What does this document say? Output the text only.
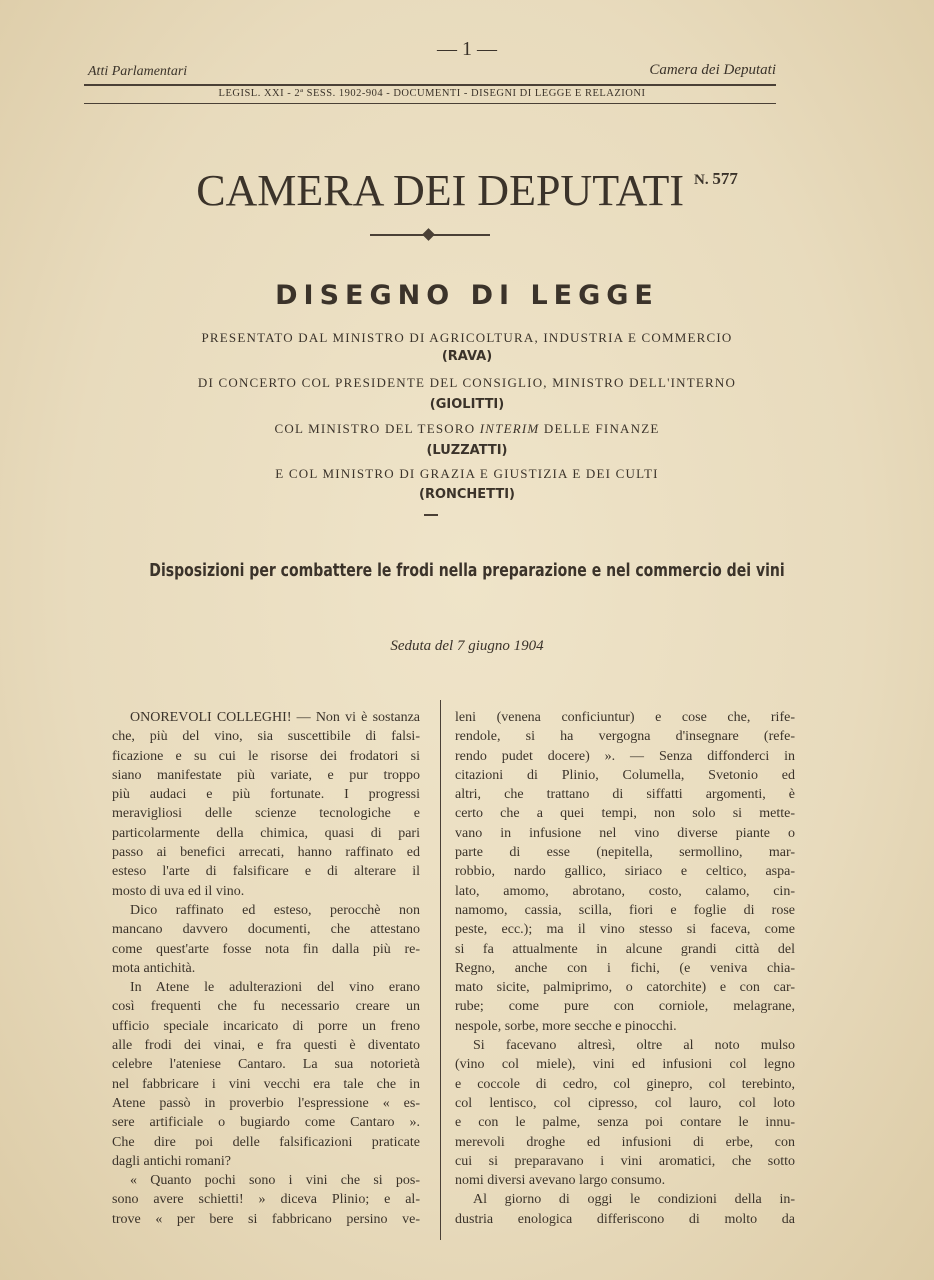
— 1 —
Atti Parlamentari	Camera dei Deputati
LEGISL. XXI - 2ª SESS. 1902-904 - DOCUMENTI - DISEGNI DI LEGGE E RELAZIONI
CAMERA DEI DEPUTATI N. 577
DISEGNO DI LEGGE
PRESENTATO DAL MINISTRO DI AGRICOLTURA, INDUSTRIA E COMMERCIO
(RAVA)
DI CONCERTO COL PRESIDENTE DEL CONSIGLIO, MINISTRO DELL'INTERNO
(GIOLITTI)
COL MINISTRO DEL TESORO INTERIM DELLE FINANZE
(LUZZATTI)
E COL MINISTRO DI GRAZIA E GIUSTIZIA E DEI CULTI
(RONCHETTI)
Disposizioni per combattere le frodi nella preparazione e nel commercio dei vini
Seduta del 7 giugno 1904
ONOREVOLI COLLEGHI! — Non vi è sostanza
che, più del vino, sia suscettibile di falsi-
ficazione e su cui le risorse dei frodatori si
siano manifestate più variate, e pur troppo
più audaci e più fortunate. I progressi
meravigliosi delle scienze tecnologiche e
particolarmente della chimica, quasi di pari
passo ai benefici arrecati, hanno raffinato ed
esteso l'arte di falsificare e di alterare il
mosto di uva ed il vino.
Dico raffinato ed esteso, perocchè non
mancano davvero documenti, che attestano
come quest'arte fosse nota fin dalla più re-
mota antichità.
In Atene le adulterazioni del vino erano
così frequenti che fu necessario creare un
ufficio speciale incaricato di porre un freno
alle frodi dei vinai, e fra questi è diventato
celebre l'ateniese Cantaro. La sua notorietà
nel fabbricare i vini vecchi era tale che in
Atene passò in proverbio l'espressione « es-
sere artificiale o bugiardo come Cantaro ».
Che dire poi delle falsificazioni praticate
dagli antichi romani?
« Quanto pochi sono i vini che si pos-
sono avere schietti! » diceva Plinio; e al-
trove « per bere si fabbricano persino ve-
leni (venena conficiuntur) e cose che, rife-
rendole, si ha vergogna d'insegnare (refe-
rendo pudet docere) ». — Senza diffonderci in
citazioni di Plinio, Columella, Svetonio ed
altri, che trattano di siffatti argomenti, è
certo che a quei tempi, non solo si mette-
vano in infusione nel vino diverse piante o
parte di esse (nepitella, sermollino, mar-
robbio, nardo gallico, siriaco e celtico, aspa-
lato, amomo, abrotano, costo, calamo, cin-
namomo, cassia, scilla, fiori e foglie di rose
peste, ecc.); ma il vino stesso si faceva, come
si fa attualmente in alcune grandi città del
Regno, anche con i fichi, (e veniva chia-
mato sicite, palmiprimo, o catorchite) e con car-
rube; come pure con corniole, melagrane,
nespole, sorbe, more secche e pinocchi.
Si facevano altresì, oltre al noto mulso
(vino col miele), vini ed infusioni col legno
e coccole di cedro, col ginepro, col terebinto,
col lentisco, col cipresso, col lauro, col loto
e con le palme, senza poi contare le innu-
merevoli droghe ed infusioni di erbe, con
cui si preparavano i vini aromatici, che sotto
nomi diversi avevano largo consumo.
Al giorno di oggi le condizioni della in-
dustria enologica differiscono di molto da
